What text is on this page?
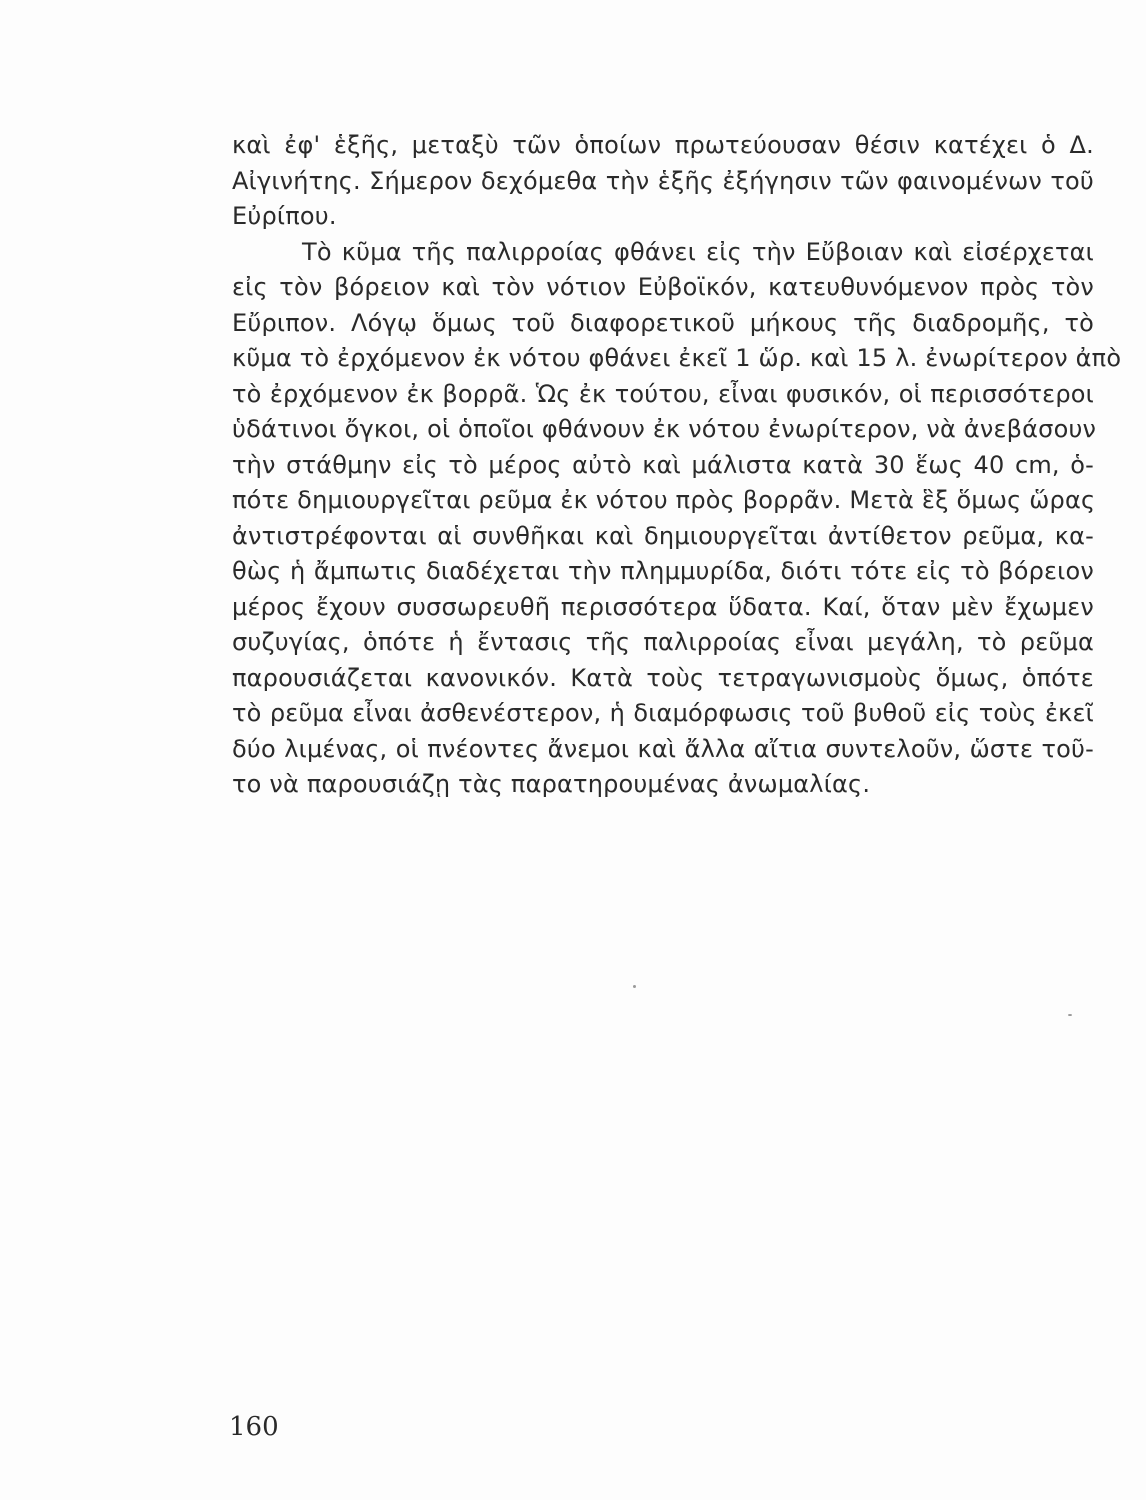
καὶ ἐφ' ἑξῆς, μεταξὺ τῶν ὁποίων πρωτεύουσαν θέσιν κατέχει ὁ Δ.
Αἰγινήτης. Σήμερον δεχόμεθα τὴν ἑξῆς ἐξήγησιν τῶν φαινομένων τοῦ
Εὐρίπου.
Τὸ κῦμα τῆς παλιρροίας φθάνει εἰς τὴν Εὔβοιαν καὶ εἰσέρχεται
εἰς τὸν βόρειον καὶ τὸν νότιον Εὐβοϊκόν, κατευθυνόμενον πρὸς τὸν
Εὔριπον. Λόγῳ ὅμως τοῦ διαφορετικοῦ μήκους τῆς διαδρομῆς, τὸ
κῦμα τὸ ἐρχόμενον ἐκ νότου φθάνει ἐκεῖ 1 ὥρ. καὶ 15 λ. ἐνωρίτερον ἀπὸ
τὸ ἐρχόμενον ἐκ βορρᾶ. Ὡς ἐκ τούτου, εἶναι φυσικόν, οἱ περισσότεροι
ὑδάτινοι ὄγκοι, οἱ ὁποῖοι φθάνουν ἐκ νότου ἐνωρίτερον, νὰ ἀνεβάσουν
τὴν στάθμην εἰς τὸ μέρος αὐτὸ καὶ μάλιστα κατὰ 30 ἕως 40 cm, ὁ-
πότε δημιουργεῖται ρεῦμα ἐκ νότου πρὸς βορρᾶν. Μετὰ ἓξ ὅμως ὥρας
ἀντιστρέφονται αἱ συνθῆκαι καὶ δημιουργεῖται ἀντίθετον ρεῦμα, κα-
θὼς ἡ ἄμπωτις διαδέχεται τὴν πλημμυρίδα, διότι τότε εἰς τὸ βόρειον
μέρος ἔχουν συσσωρευθῆ περισσότερα ὕδατα. Καί, ὅταν μὲν ἔχωμεν
συζυγίας, ὁπότε ἡ ἔντασις τῆς παλιρροίας εἶναι μεγάλη, τὸ ρεῦμα
παρουσιάζεται κανονικόν. Κατὰ τοὺς τετραγωνισμοὺς ὅμως, ὁπότε
τὸ ρεῦμα εἶναι ἀσθενέστερον, ἡ διαμόρφωσις τοῦ βυθοῦ εἰς τοὺς ἐκεῖ
δύο λιμένας, οἱ πνέοντες ἄνεμοι καὶ ἄλλα αἴτια συντελοῦν, ὥστε τοῦ-
το νὰ παρουσιάζῃ τὰς παρατηρουμένας ἀνωμαλίας.
160
